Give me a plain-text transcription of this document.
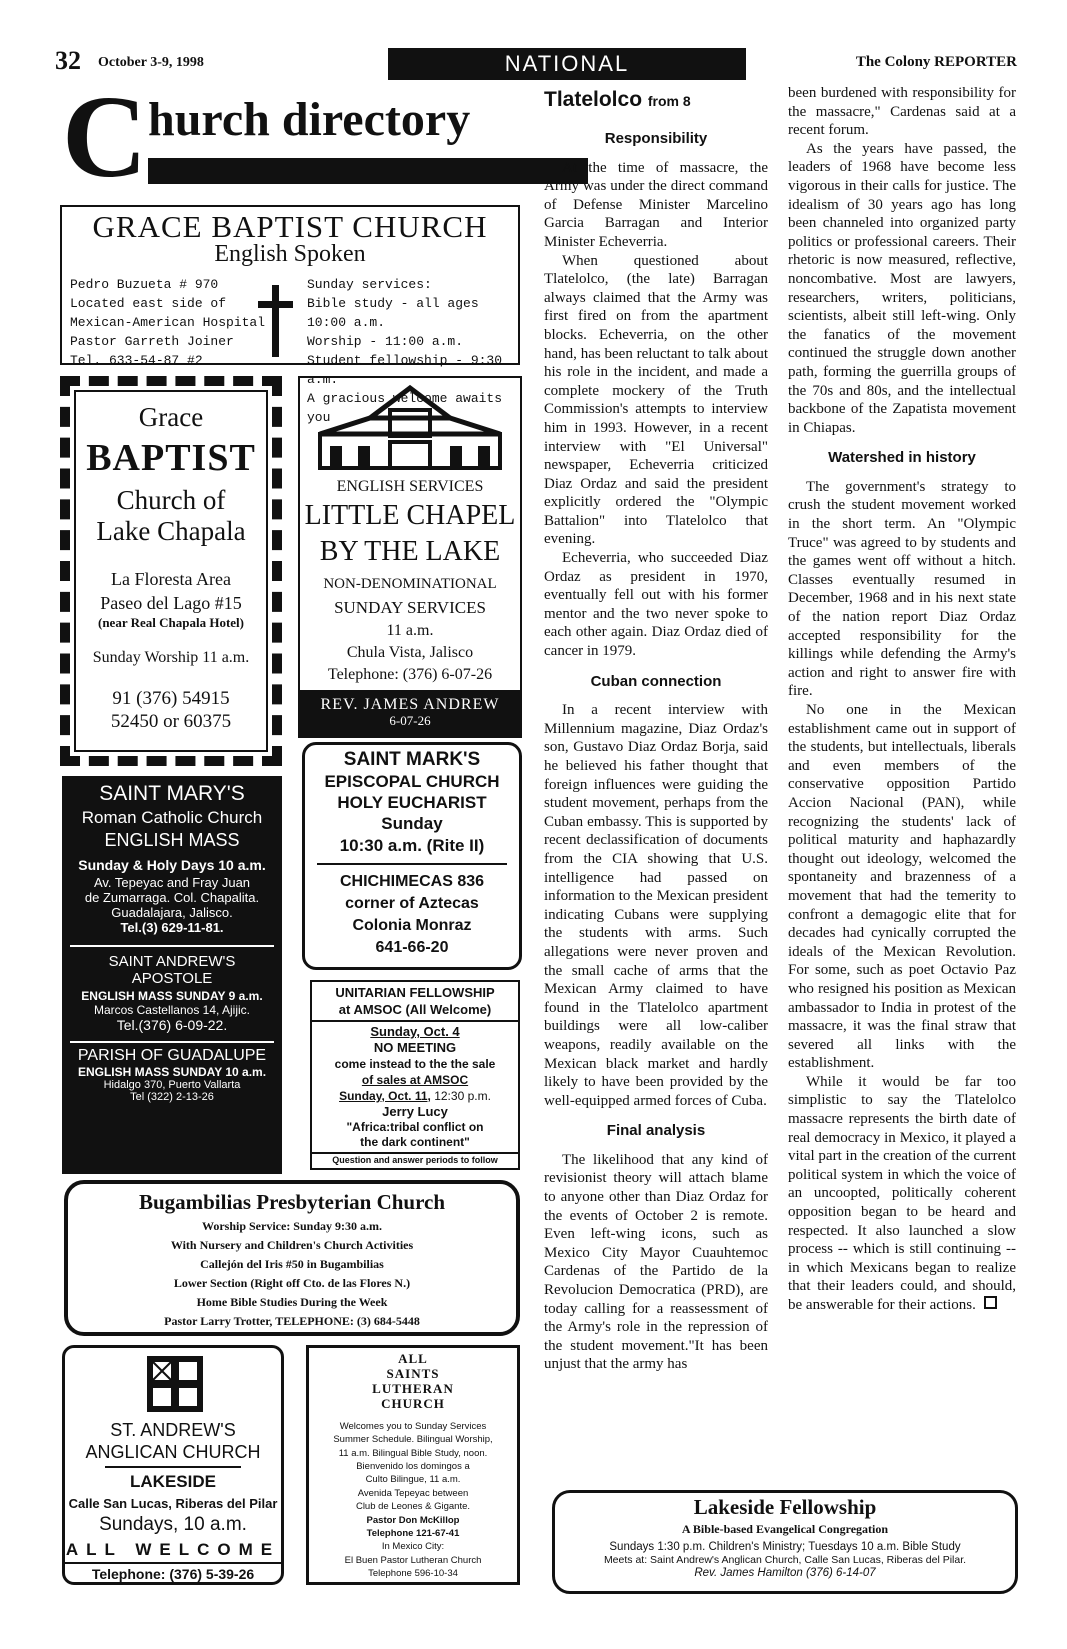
32 October 3-9, 1998	NATIONAL	The Colony REPORTER
C hurch directory
GRACE BAPTIST CHURCH
English Spoken
Pedro Buzueta # 970
Located east side of
Mexican-American Hospital
Pastor Garreth Joiner
Tel. 633-54-87 #2
Sunday services:
Bible study - all ages 10:00 a.m.
Worship - 11:00 a.m.
Student fellowship - 9:30 a.m.
A gracious welcome awaits you
Grace
BAPTIST
Church of
Lake Chapala
La Floresta Area
Paseo del Lago #15
(near Real Chapala Hotel)
Sunday Worship 11 a.m.
91 (376) 54915
52450 or 60375
ENGLISH SERVICES
LITTLE CHAPEL
BY THE LAKE
NON-DENOMINATIONAL
SUNDAY SERVICES
11 a.m.
Chula Vista, Jalisco
Telephone: (376) 6-07-26
REV. JAMES ANDREW
6-07-26
SAINT MARY'S
Roman Catholic Church
ENGLISH MASS
Sunday & Holy Days 10 a.m.
Av. Tepeyac and Fray Juan
de Zumarraga. Col. Chapalita.
Guadalajara, Jalisco.
Tel.(3) 629-11-81.
SAINT ANDREW'S
APOSTOLE
ENGLISH MASS SUNDAY 9 a.m.
Marcos Castellanos 14, Ajijic.
Tel.(376) 6-09-22.
PARISH OF GUADALUPE
ENGLISH MASS SUNDAY 10 a.m.
Hidalgo 370, Puerto Vallarta
Tel (322) 2-13-26
SAINT MARK'S
EPISCOPAL CHURCH
HOLY EUCHARIST
Sunday
10:30 a.m. (Rite II)
CHICHIMECAS 836
corner of Aztecas
Colonia Monraz
641-66-20
UNITARIAN FELLOWSHIP
at AMSOC (All Welcome)
Sunday, Oct. 4
NO MEETING
come instead to the the sale
of sales at AMSOC
Sunday, Oct. 11, 12:30 p.m.
Jerry Lucy
"Africa:tribal conflict on
the dark continent"
Question and answer periods to follow
Bugambilias Presbyterian Church
Worship Service: Sunday 9:30 a.m.
With Nursery and Children's Church Activities
Callejón del Iris #50 in Bugambilias
Lower Section (Right off Cto. de las Flores N.)
Home Bible Studies During the Week
Pastor Larry Trotter, TELEPHONE: (3) 684-5448
ST. ANDREW'S
ANGLICAN CHURCH
LAKESIDE
Calle San Lucas, Riberas del Pilar
Sundays, 10 a.m.
ALL WELCOME
Telephone: (376) 5-39-26
ALL
SAINTS
LUTHERAN
CHURCH
Welcomes you to Sunday Services
Summer Schedule. Bilingual Worship,
11 a.m. Bilingual Bible Study, noon.
Bienvenido los domingos a
Culto Bilingue, 11 a.m.
Avenida Tepeyac between
Club de Leones & Gigante.
Pastor Don McKillop
Telephone 121-67-41
In Mexico City:
El Buen Pastor Lutheran Church
Telephone 596-10-34
Tlatelolco from 8
Responsibility

At the time of massacre, the Army was under the direct command of Defense Minister Marcelino Garcia Barragan and Interior Minister Echeverria.

When questioned about Tlatelolco, (the late) Barragan always claimed that the Army was first fired on from the apartment blocks. Echeverria, on the other hand, has been reluctant to talk about his role in the incident, and made a complete mockery of the Truth Commission's attempts to interview him in 1993. However, in a recent interview with "El Universal" newspaper, Echeverria criticized Diaz Ordaz and said the president explicitly ordered the "Olympic Battalion" into Tlatelolco that evening.

Echeverria, who succeeded Diaz Ordaz as president in 1970, eventually fell out with his former mentor and the two never spoke to each other again. Diaz Ordaz died of cancer in 1979.

Cuban connection

In a recent interview with Millennium magazine, Diaz Ordaz's son, Gustavo Diaz Ordaz Borja, said he believed his father thought that foreign influences were guiding the student movement, perhaps from the Cuban embassy. This is supported by recent declassification of documents from the CIA showing that U.S. intelligence had passed on information to the Mexican president indicating Cubans were supplying the students with arms. Such allegations were never proven and the small cache of arms that the Mexican Army claimed to have found in the Tlatelolco apartment buildings were all low-caliber weapons, readily available on the Mexican black market and hardly likely to have been provided by the well-equipped armed forces of Cuba.

Final analysis

The likelihood that any kind of revisionist theory will attach blame to anyone other than Diaz Ordaz for the events of October 2 is remote. Even left-wing icons, such as Mexico City Mayor Cuauhtemoc Cardenas of the Partido de la Revolucion Democratica (PRD), are today calling for a reassessment of the Army's role in the repression of the student movement."It has been unjust that the army has

been burdened with responsibility for the massacre," Cardenas said at a recent forum.

As the years have passed, the leaders of 1968 have become less vigorous in their calls for justice. The idealism of 30 years ago has long been channeled into organized party politics or professional careers. Their rhetoric is now measured, reflective, noncombative. Most are lawyers, researchers, writers, politicians, scientists, albeit still left-wing. Only the fanatics of the movement continued the struggle down another path, forming the guerrilla groups of the 70s and 80s, and the intellectual backbone of the Zapatista movement in Chiapas.

Watershed in history

The government's strategy to crush the student movement worked in the short term. An "Olympic Truce" was agreed to by students and the games went off without a hitch. Classes eventually resumed in December, 1968 and in his next state of the nation report Diaz Ordaz accepted responsibility for the killings while defending the Army's action and right to answer fire with fire.

No one in the Mexican establishment came out in support of the students, but intellectuals, liberals and even members of the conservative opposition Partido Accion Nacional (PAN), while recognizing the students' lack of political maturity and haphazardly thought out ideology, welcomed the spontaneity and brazenness of a movement that had the temerity to confront a demagogic elite that for decades had cynically corrupted the ideals of the Mexican Revolution. For some, such as poet Octavio Paz who resigned his position as Mexican ambassador to India in protest of the massacre, it was the final straw that severed all links with the establishment.

While it would be far too simplistic to say the Tlatelolco massacre represents the birth date of real democracy in Mexico, it played a vital part in the creation of the current political system in which the voice of an uncoopted, politically coherent opposition began to be heard and respected. It also launched a slow process -- which is still continuing -- in which Mexicans began to realize that their leaders could, and should, be answerable for their actions.

Lakeside Fellowship
A Bible-based Evangelical Congregation
Sundays 1:30 p.m. Children's Ministry; Tuesdays 10 a.m. Bible Study
Meets at: Saint Andrew's Anglican Church, Calle San Lucas, Riberas del Pilar.
Rev. James Hamilton (376) 6-14-07
